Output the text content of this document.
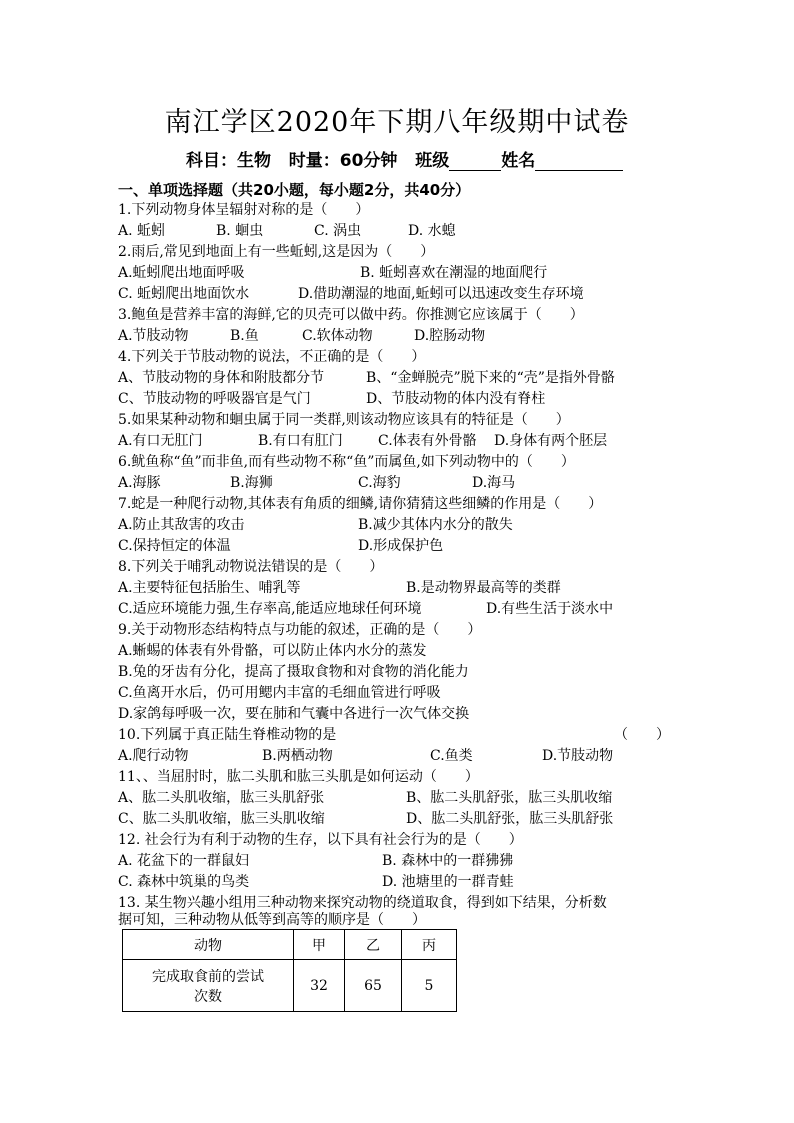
南江学区2020年下期八年级期中试卷
科目：生物 时量：60分钟 班级	姓名
一、单项选择题（共20小题，每小题2分，共40分）
1.下列动物身体呈辐射对称的是（　　）
A. 蚯蚓	B. 蛔虫	C. 涡虫	D. 水螅
2.雨后,常见到地面上有一些蚯蚓,这是因为（　　）
A.蚯蚓爬出地面呼吸	B. 蚯蚓喜欢在潮湿的地面爬行
C. 蚯蚓爬出地面饮水	D.借助潮湿的地面,蚯蚓可以迅速改变生存环境
3.鲍鱼是营养丰富的海鲜,它的贝壳可以做中药。你推测它应该属于（　　）
A.节肢动物	B.鱼	C.软体动物	D.腔肠动物
4.下列关于节肢动物的说法，不正确的是（　　）
A、节肢动物的身体和附肢都分节	B、“金蝉脱壳”脱下来的“壳”是指外骨骼
C、节肢动物的呼吸器官是气门	D、节肢动物的体内没有脊柱
5.如果某种动物和蛔虫属于同一类群,则该动物应该具有的特征是（　　）
A.有口无肛门	B.有口有肛门	C.体表有外骨骼 D.身体有两个胚层
6.鱿鱼称“鱼”而非鱼,而有些动物不称“鱼”而属鱼,如下列动物中的（　　）
A.海豚	B.海狮	C.海豹	D.海马
7.蛇是一种爬行动物,其体表有角质的细鳞,请你猜猜这些细鳞的作用是（　　）
A.防止其敌害的攻击	B.减少其体内水分的散失
C.保持恒定的体温	D.形成保护色
8.下列关于哺乳动物说法错误的是（　　）
A.主要特征包括胎生、哺乳等	B.是动物界最高等的类群
C.适应环境能力强,生存率高,能适应地球任何环境	D.有些生活于淡水中
9.关于动物形态结构特点与功能的叙述，正确的是（　　）
A.蜥蜴的体表有外骨骼，可以防止体内水分的蒸发
B.兔的牙齿有分化，提高了摄取食物和对食物的消化能力
C.鱼离开水后，仍可用鳃内丰富的毛细血管进行呼吸
D.家鸽每呼吸一次，要在肺和气囊中各进行一次气体交换
10.下列属于真正陆生脊椎动物的是	（　　）
A.爬行动物	B.两栖动物	C.鱼类	D.节肢动物
11、、当屈肘时，肱二头肌和肱三头肌是如何运动（　　）
A、肱二头肌收缩，肱三头肌舒张	B、肱二头肌舒张，肱三头肌收缩
C、肱二头肌收缩，肱三头肌收缩	D、肱二头肌舒张，肱三头肌舒张
12. 社会行为有利于动物的生存，以下具有社会行为的是（　　）
A. 花盆下的一群鼠妇	B. 森林中的一群狒狒
C. 森林中筑巢的鸟类	D. 池塘里的一群青蛙
13. 某生物兴趣小组用三种动物来探究动物的绕道取食，得到如下结果，分析数
据可知，三种动物从低等到高等的顺序是（　　）
动物	甲	乙	丙

完成取食前的尝试
次数	32	65	5
